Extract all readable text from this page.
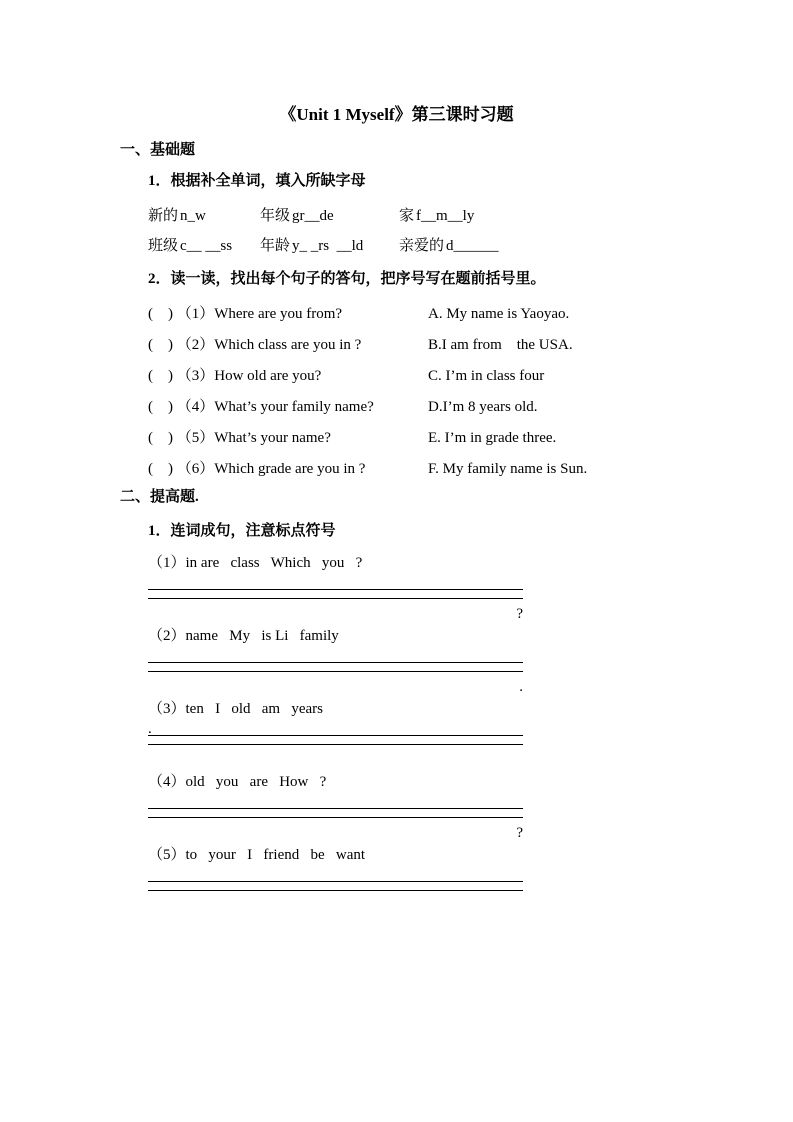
《Unit 1 Myself》第三课时习题
一、基础题
1．根据补全单词，填入所缺字母
新的 n_w	年级 gr__de	家 f__m__ly
班级 c__ __ss 年龄 y_ _rs  __ld 亲爱的 d______
2．读一读，找出每个句子的答句，把序号写在题前括号里。
(    ) （1）Where are you from?	A. My name is Yaoyao.
(    ) （2）Which class are you in ?	B.I am from    the USA.
(    ) （3）How old are you?	C. I’m in class four
(    ) （4）What’s your family name?	D.I’m 8 years old.
(    ) （5）What’s your name?	E. I’m in grade three.
(    ) （6）Which grade are you in ?	F. My family name is Sun.
二、提高题.
1．连词成句，注意标点符号
（1）in are   class   Which   you   ?
?
（2）name   My   is Li   family
.
（3）ten   I   old   am   years
.
（4）old   you   are   How   ?
?
（5）to   your   I   friend   be   want
